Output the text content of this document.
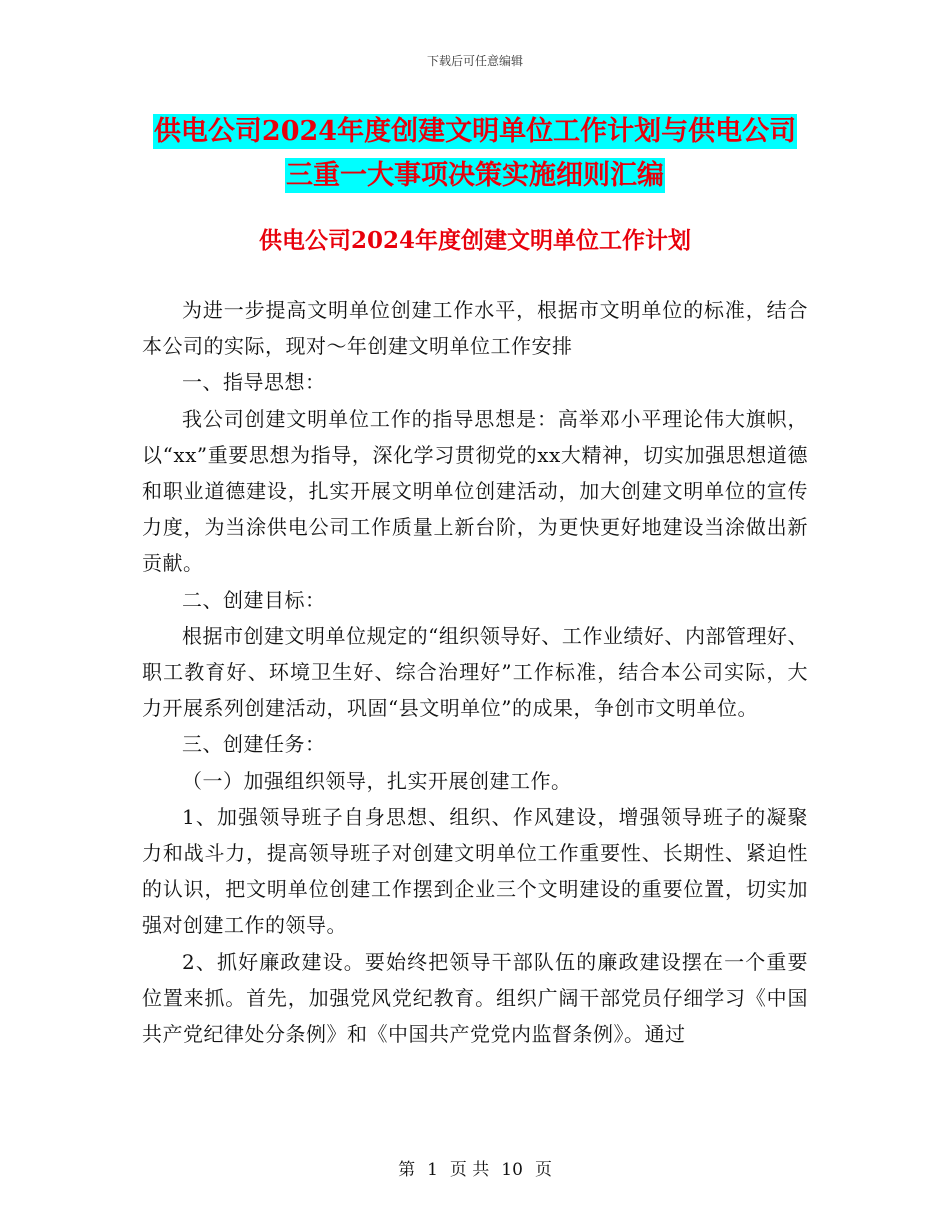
下载后可任意编辑
供电公司2024年度创建文明单位工作计划与供电公司
三重一大事项决策实施细则汇编
供电公司2024年度创建文明单位工作计划

为进一步提高文明单位创建工作水平，根据市文明单位的标准，结合本公司的实际，现对～年创建文明单位工作安排

一、指导思想：

我公司创建文明单位工作的指导思想是：高举邓小平理论伟大旗帜，以“xx”重要思想为指导，深化学习贯彻党的xx大精神，切实加强思想道德和职业道德建设，扎实开展文明单位创建活动，加大创建文明单位的宣传力度，为当涂供电公司工作质量上新台阶，为更快更好地建设当涂做出新贡献。

二、创建目标：

根据市创建文明单位规定的“组织领导好、工作业绩好、内部管理好、职工教育好、环境卫生好、综合治理好”工作标准，结合本公司实际，大力开展系列创建活动，巩固“县文明单位”的成果，争创市文明单位。

三、创建任务：

（一）加强组织领导，扎实开展创建工作。

1、加强领导班子自身思想、组织、作风建设，增强领导班子的凝聚力和战斗力，提高领导班子对创建文明单位工作重要性、长期性、紧迫性的认识，把文明单位创建工作摆到企业三个文明建设的重要位置，切实加强对创建工作的领导。

2、抓好廉政建设。要始终把领导干部队伍的廉政建设摆在一个重要位置来抓。首先，加强党风党纪教育。组织广阔干部党员仔细学习《中国共产党纪律处分条例》和《中国共产党党内监督条例》。通过

第 1 页 共 10 页
